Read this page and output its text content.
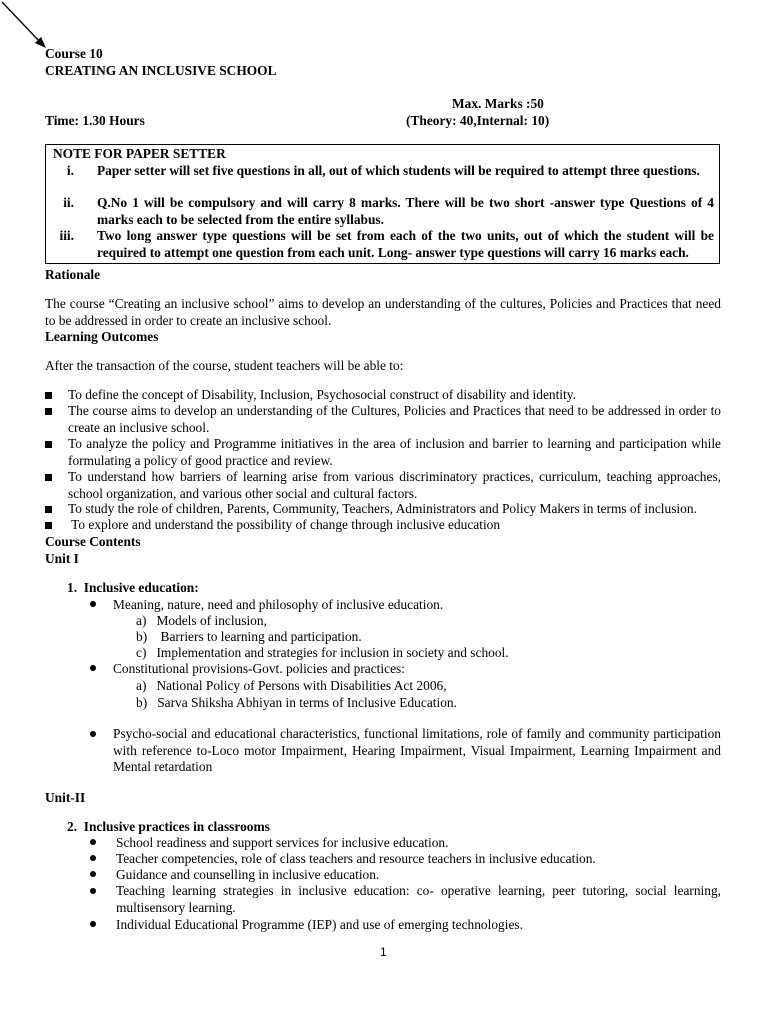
Course 10
CREATING AN INCLUSIVE SCHOOL
Max. Marks :50
Time: 1.30 Hours	(Theory: 40,Internal: 10)
NOTE FOR PAPER SETTER
i. Paper setter will set five questions in all, out of which students will be required to attempt three questions.
ii. Q.No 1 will be compulsory and will carry 8 marks. There will be two short -answer type Questions of 4 marks each to be selected from the entire syllabus.
iii. Two long answer type questions will be set from each of the two units, out of which the student will be required to attempt one question from each unit. Long- answer type questions will carry 16 marks each.
Rationale
The course “Creating an inclusive school” aims to develop an understanding of the cultures, Policies and Practices that need to be addressed in order to create an inclusive school.
Learning Outcomes
After the transaction of the course, student teachers will be able to:
To define the concept of Disability, Inclusion, Psychosocial construct of disability and identity.
The course aims to develop an understanding of the Cultures, Policies and Practices that need to be addressed in order to create an inclusive school.
To analyze the policy and Programme initiatives in the area of inclusion and barrier to learning and participation while formulating a policy of good practice and review.
To understand how barriers of learning arise from various discriminatory practices, curriculum, teaching approaches, school organization, and various other social and cultural factors.
To study the role of children, Parents, Community, Teachers, Administrators and Policy Makers in terms of inclusion.
To explore and understand the possibility of change through inclusive education
Course Contents
Unit I
1.  Inclusive education:
Meaning, nature, need and philosophy of inclusive education.
a)   Models of inclusion,
b)    Barriers to learning and participation.
c)   Implementation and strategies for inclusion in society and school.
Constitutional provisions-Govt. policies and practices:
a)   National Policy of Persons with Disabilities Act 2006,
b)   Sarva Shiksha Abhiyan in terms of Inclusive Education.
Psycho-social and educational characteristics, functional limitations, role of family and community participation with reference to-Loco motor Impairment, Hearing Impairment, Visual Impairment, Learning Impairment and Mental retardation
Unit-II
2.  Inclusive practices in classrooms
School readiness and support services for inclusive education.
Teacher competencies, role of class teachers and resource teachers in inclusive education.
Guidance and counselling in inclusive education.
Teaching learning strategies in inclusive education: co- operative learning, peer tutoring, social learning, multisensory learning.
Individual Educational Programme (IEP) and use of emerging technologies.
1
